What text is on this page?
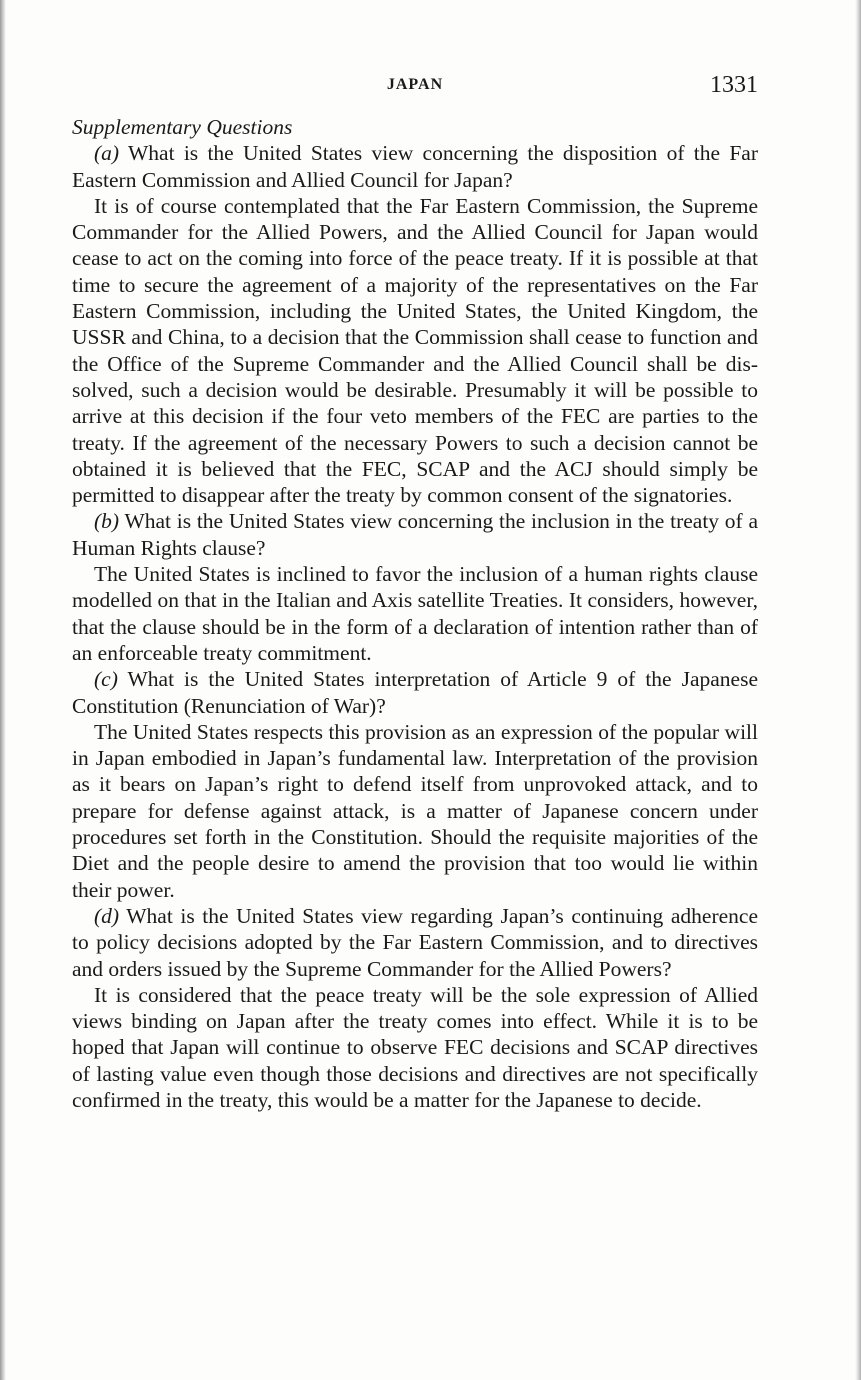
JAPAN	1331
Supplementary Questions

(a) What is the United States view concerning the disposition of the Far Eastern Commission and Allied Council for Japan?

It is of course contemplated that the Far Eastern Commission, the Supreme Commander for the Allied Powers, and the Allied Council for Japan would cease to act on the coming into force of the peace treaty. If it is possible at that time to secure the agreement of a majority of the representatives on the Far Eastern Commission, including the United States, the United Kingdom, the USSR and China, to a decision that the Commission shall cease to function and the Office of the Supreme Commander and the Allied Council shall be dissolved, such a decision would be desirable. Presumably it will be possible to arrive at this decision if the four veto members of the FEC are parties to the treaty. If the agreement of the necessary Powers to such a decision cannot be obtained it is believed that the FEC, SCAP and the ACJ should simply be permitted to disappear after the treaty by common consent of the signatories.

(b) What is the United States view concerning the inclusion in the treaty of a Human Rights clause?

The United States is inclined to favor the inclusion of a human rights clause modelled on that in the Italian and Axis satellite Treaties. It considers, however, that the clause should be in the form of a declaration of intention rather than of an enforceable treaty commitment.

(c) What is the United States interpretation of Article 9 of the Japanese Constitution (Renunciation of War)?

The United States respects this provision as an expression of the popular will in Japan embodied in Japan’s fundamental law. Interpretation of the provision as it bears on Japan’s right to defend itself from unprovoked attack, and to prepare for defense against attack, is a matter of Japanese concern under procedures set forth in the Constitution. Should the requisite majorities of the Diet and the people desire to amend the provision that too would lie within their power.

(d) What is the United States view regarding Japan’s continuing adherence to policy decisions adopted by the Far Eastern Commission, and to directives and orders issued by the Supreme Commander for the Allied Powers?

It is considered that the peace treaty will be the sole expression of Allied views binding on Japan after the treaty comes into effect. While it is to be hoped that Japan will continue to observe FEC decisions and SCAP directives of lasting value even though those decisions and directives are not specifically confirmed in the treaty, this would be a matter for the Japanese to decide.
